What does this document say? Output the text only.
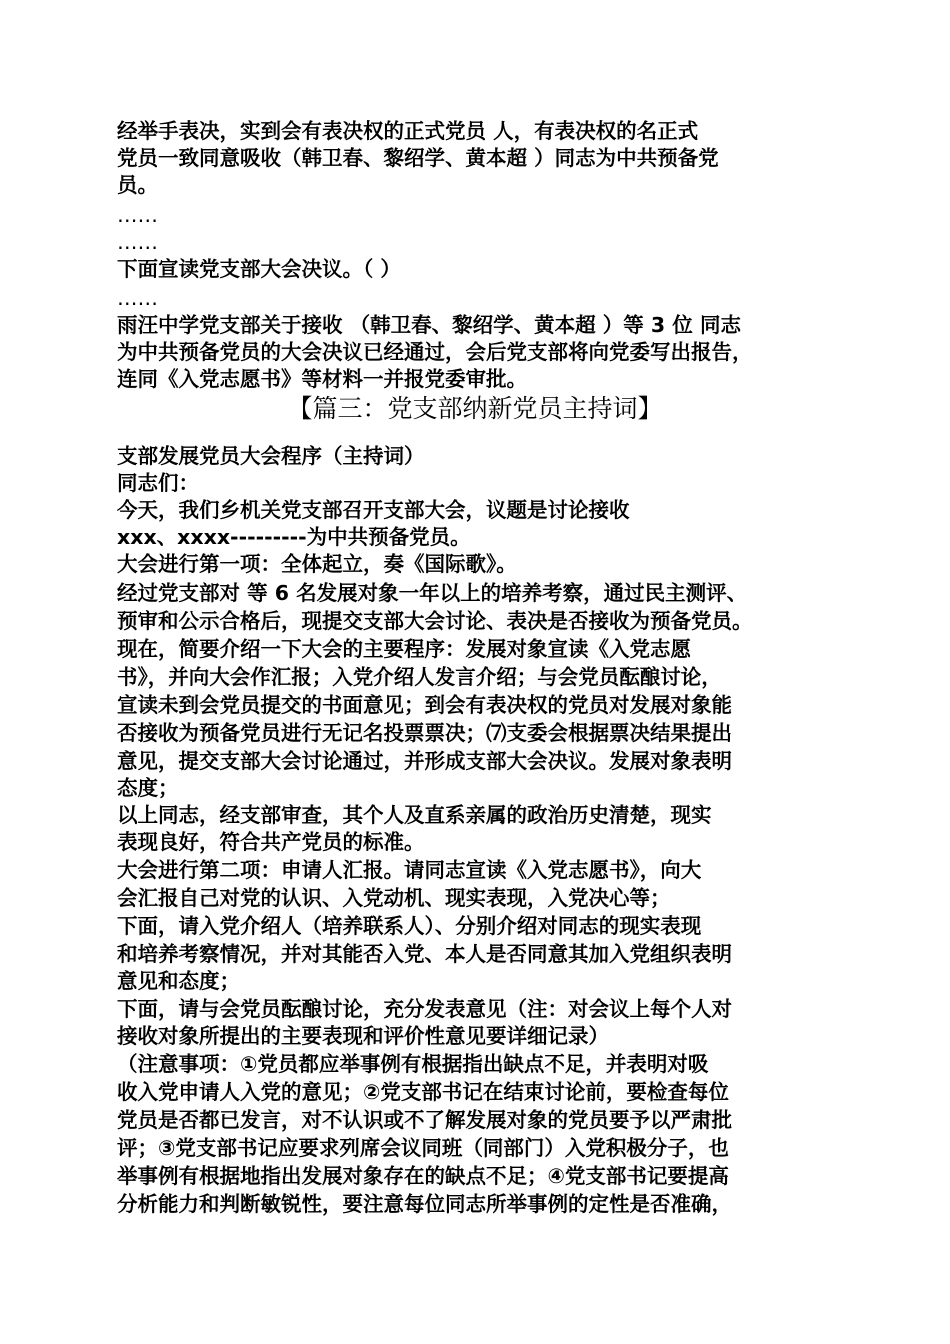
经举手表决，实到会有表决权的正式党员 人，有表决权的名正式
党员一致同意吸收（韩卫春、黎绍学、黄本超 ）同志为中共预备党
员。
……
……
下面宣读党支部大会决议。（ ）
……
雨汪中学党支部关于接收 （韩卫春、黎绍学、黄本超 ）等 3 位 同志
为中共预备党员的大会决议已经通过，会后党支部将向党委写出报告，
连同《入党志愿书》等材料一并报党委审批。
【篇三：党支部纳新党员主持词】
支部发展党员大会程序（主持词）
同志们：
今天，我们乡机关党支部召开支部大会，议题是讨论接收
xxx、xxxx---------为中共预备党员。
大会进行第一项：全体起立，奏《国际歌》。
经过党支部对 等 6 名发展对象一年以上的培养考察，通过民主测评、
预审和公示合格后，现提交支部大会讨论、表决是否接收为预备党员。
现在，简要介绍一下大会的主要程序：发展对象宣读《入党志愿
书》，并向大会作汇报；入党介绍人发言介绍；与会党员酝酿讨论，
宣读未到会党员提交的书面意见；到会有表决权的党员对发展对象能
否接收为预备党员进行无记名投票票决；⑺支委会根据票决结果提出
意见，提交支部大会讨论通过，并形成支部大会决议。发展对象表明
态度；
以上同志，经支部审查，其个人及直系亲属的政治历史清楚，现实
表现良好，符合共产党员的标准。
大会进行第二项：申请人汇报。请同志宣读《入党志愿书》，向大
会汇报自己对党的认识、入党动机、现实表现，入党决心等；
下面，请入党介绍人（培养联系人）、分别介绍对同志的现实表现
和培养考察情况，并对其能否入党、本人是否同意其加入党组织表明
意见和态度；
下面，请与会党员酝酿讨论，充分发表意见（注：对会议上每个人对
接收对象所提出的主要表现和评价性意见要详细记录）
（注意事项：①党员都应举事例有根据指出缺点不足，并表明对吸
收入党申请人入党的意见；②党支部书记在结束讨论前，要检查每位
党员是否都已发言，对不认识或不了解发展对象的党员要予以严肃批
评；③党支部书记应要求列席会议同班（同部门）入党积极分子，也
举事例有根据地指出发展对象存在的缺点不足；④党支部书记要提高
分析能力和判断敏锐性，要注意每位同志所举事例的定性是否准确，
